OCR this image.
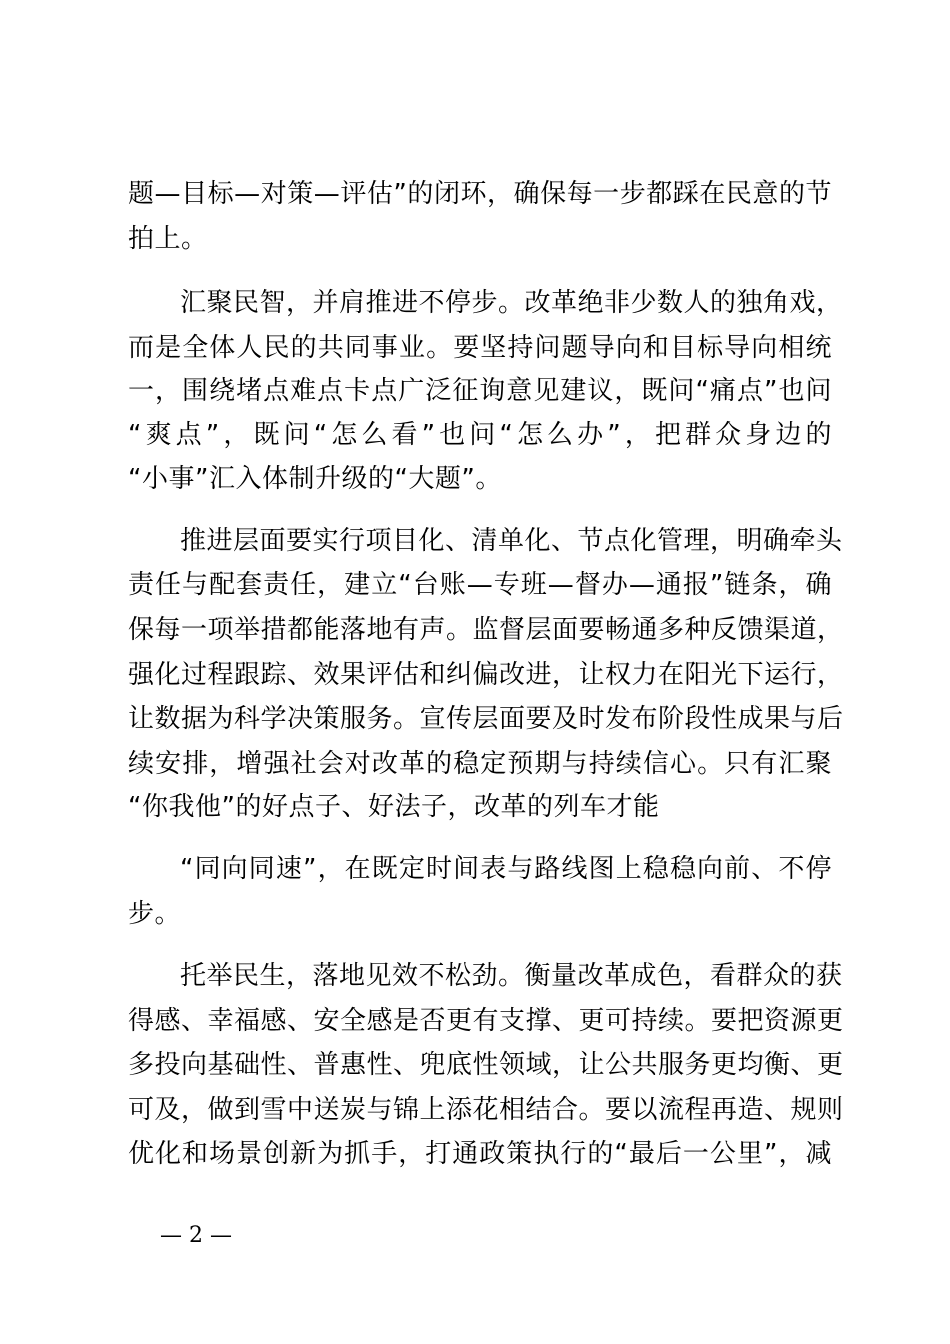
题—目标—对策—评估”的闭环，确保每一步都踩在民意的节
拍上。
汇聚民智，并肩推进不停步。改革绝非少数人的独角戏，
而是全体人民的共同事业。要坚持问题导向和目标导向相统
一，围绕堵点难点卡点广泛征询意见建议，既问“痛点”也问
“爽点”，既问“怎么看”也问“怎么办”，把群众身边的
“小事”汇入体制升级的“大题”。
推进层面要实行项目化、清单化、节点化管理，明确牵头
责任与配套责任，建立“台账—专班—督办—通报”链条，确
保每一项举措都能落地有声。监督层面要畅通多种反馈渠道，
强化过程跟踪、效果评估和纠偏改进，让权力在阳光下运行，
让数据为科学决策服务。宣传层面要及时发布阶段性成果与后
续安排，增强社会对改革的稳定预期与持续信心。只有汇聚
“你我他”的好点子、好法子，改革的列车才能
“同向同速”，在既定时间表与路线图上稳稳向前、不停
步。
托举民生，落地见效不松劲。衡量改革成色，看群众的获
得感、幸福感、安全感是否更有支撑、更可持续。要把资源更
多投向基础性、普惠性、兜底性领域，让公共服务更均衡、更
可及，做到雪中送炭与锦上添花相结合。要以流程再造、规则
优化和场景创新为抓手，打通政策执行的“最后一公里”，减
— 2 —
